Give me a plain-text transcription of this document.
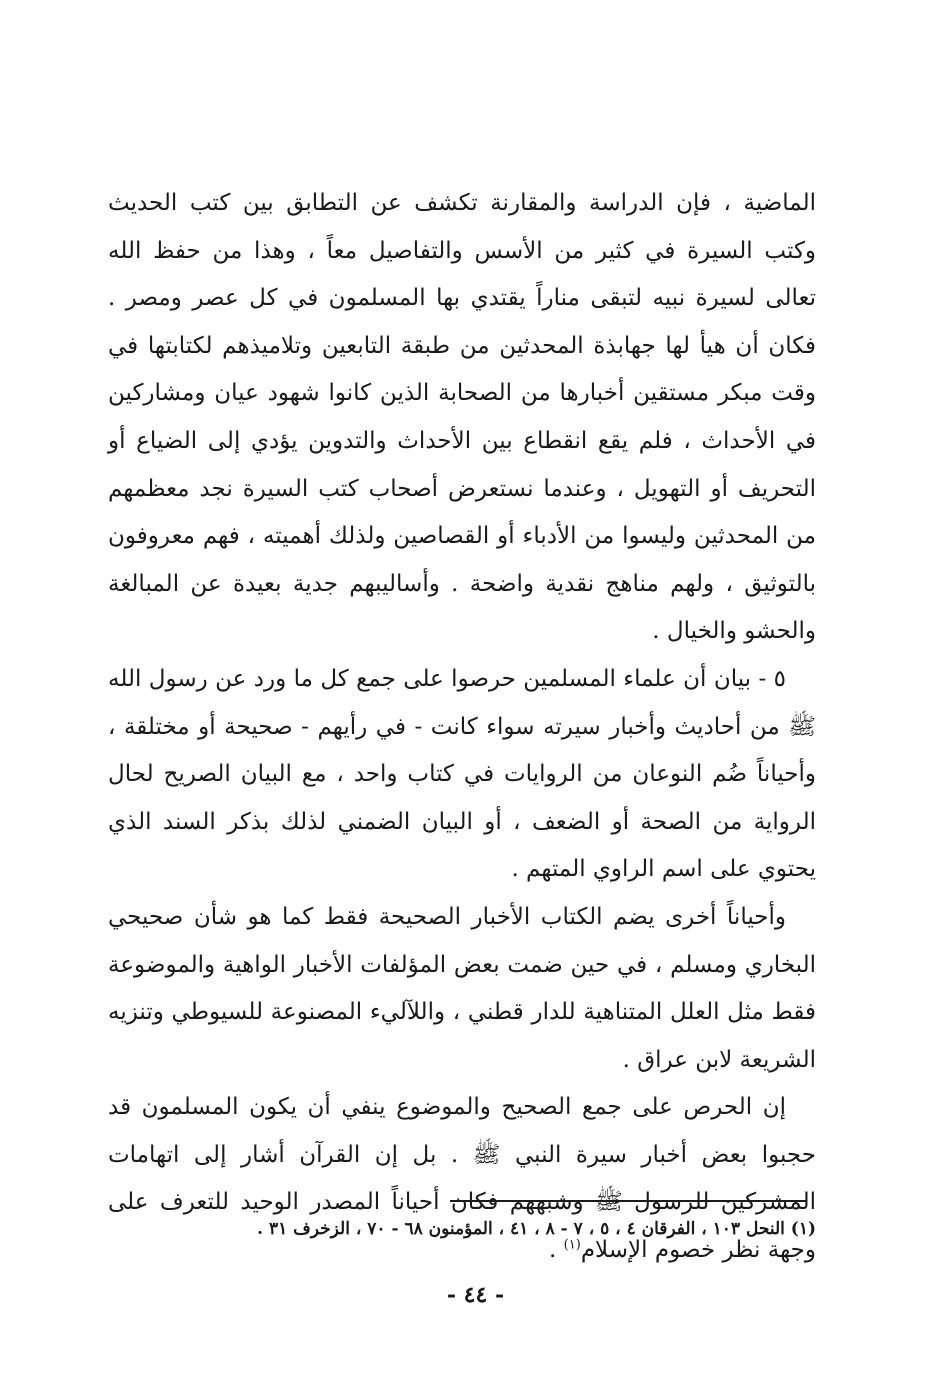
الماضية ، فإن الدراسة والمقارنة تكشف عن التطابق بين كتب الحديث وكتب السيرة في كثير من الأسس والتفاصيل معاً ، وهذا من حفظ الله تعالى لسيرة نبيه لتبقى مناراً يقتدي بها المسلمون في كل عصر ومصر . فكان أن هيأ لها جهابذة المحدثين من طبقة التابعين وتلاميذهم لكتابتها في وقت مبكر مستقين أخبارها من الصحابة الذين كانوا شهود عيان ومشاركين في الأحداث ، فلم يقع انقطاع بين الأحداث والتدوين يؤدي إلى الضياع أو التحريف أو التهويل ، وعندما نستعرض أصحاب كتب السيرة نجد معظمهم من المحدثين وليسوا من الأدباء أو القصاصين ولذلك أهميته ، فهم معروفون بالتوثيق ، ولهم مناهج نقدية واضحة . وأساليبهم جدية بعيدة عن المبالغة والحشو والخيال .

٥ - بيان أن علماء المسلمين حرصوا على جمع كل ما ورد عن رسول الله ﷺ من أحاديث وأخبار سيرته سواء كانت - في رأيهم - صحيحة أو مختلقة ، وأحياناً ضُم النوعان من الروايات في كتاب واحد ، مع البيان الصريح لحال الرواية من الصحة أو الضعف ، أو البيان الضمني لذلك بذكر السند الذي يحتوي على اسم الراوي المتهم .

وأحياناً أخرى يضم الكتاب الأخبار الصحيحة فقط كما هو شأن صحيحي البخاري ومسلم ، في حين ضمت بعض المؤلفات الأخبار الواهية والموضوعة فقط مثل العلل المتناهية للدار قطني ، واللآليء المصنوعة للسيوطي وتنزيه الشريعة لابن عراق .

إن الحرص على جمع الصحيح والموضوع ينفي أن يكون المسلمون قد حجبوا بعض أخبار سيرة النبي ﷺ . بل إن القرآن أشار إلى اتهامات المشركين للرسول ﷺ وشبههم فكان أحياناً المصدر الوحيد للتعرف على وجهة نظر خصوم الإسلام$^{(١)}$ .

(١) النحل ١٠٣ ، الفرقان ٤ ، ٥ ، ٧ - ٨ ، ٤١ ، المؤمنون ٦٨ - ٧٠ ، الزخرف ٣١ .
- ٤٤ -
